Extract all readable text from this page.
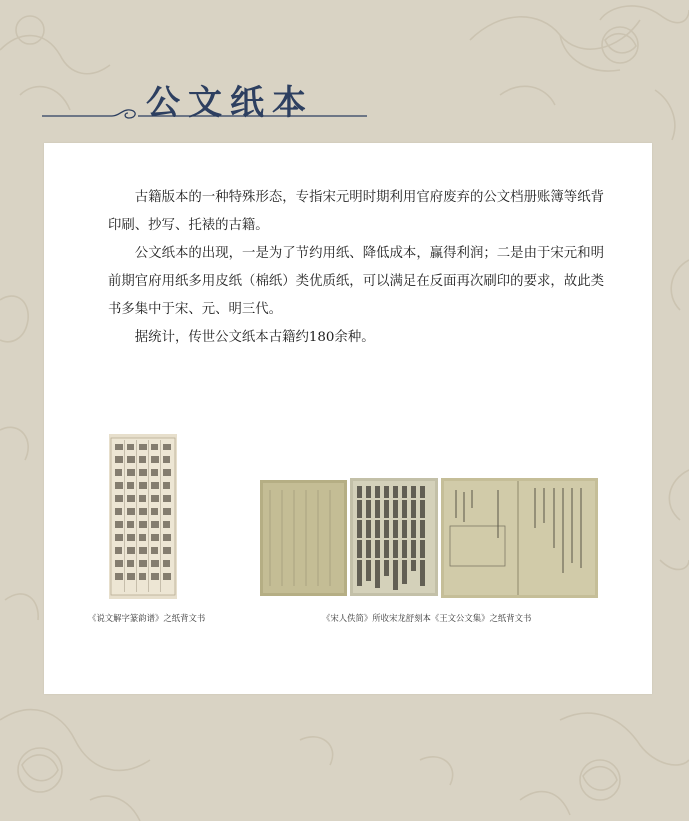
公文纸本

古籍版本的一种特殊形态，专指宋元明时期利用官府废弃的公文档册账簿等纸背印刷、抄写、托裱的古籍。

公文纸本的出现，一是为了节约用纸、降低成本，赢得利润；二是由于宋元和明前期官府用纸多用皮纸（棉纸）类优质纸，可以满足在反面再次刷印的要求，故此类书多集中于宋、元、明三代。

据统计，传世公文纸本古籍约180余种。

《说文解字篆韵谱》之纸背文书	《宋人佚简》所收宋龙舒刻本《王文公文集》之纸背文书
